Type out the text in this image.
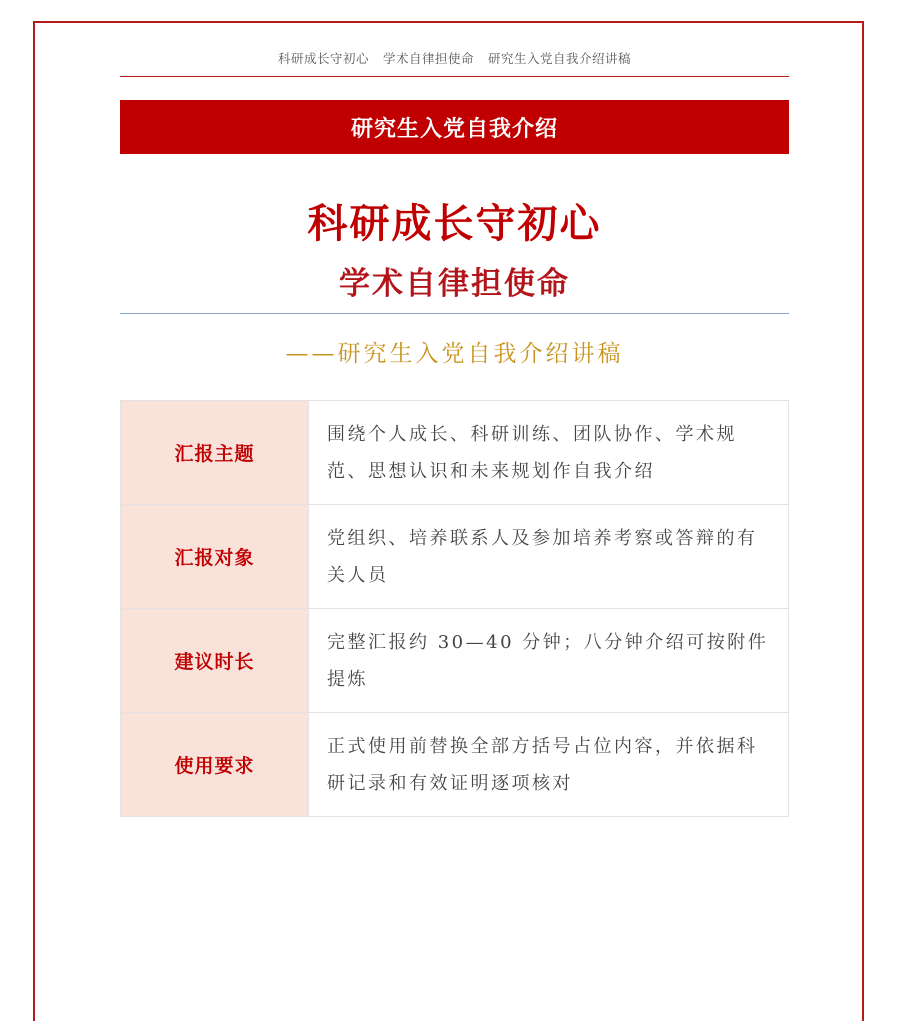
科研成长守初心 学术自律担使命 研究生入党自我介绍讲稿
研究生入党自我介绍
科研成长守初心
学术自律担使命
——研究生入党自我介绍讲稿
汇报主题	围绕个人成长、科研训练、团队协作、学术规范、思想认识和未来规划作自我介绍
汇报对象	党组织、培养联系人及参加培养考察或答辩的有关人员
建议时长	完整汇报约 30—40 分钟；八分钟介绍可按附件提炼
使用要求	正式使用前替换全部方括号占位内容，并依据科研记录和有效证明逐项核对
